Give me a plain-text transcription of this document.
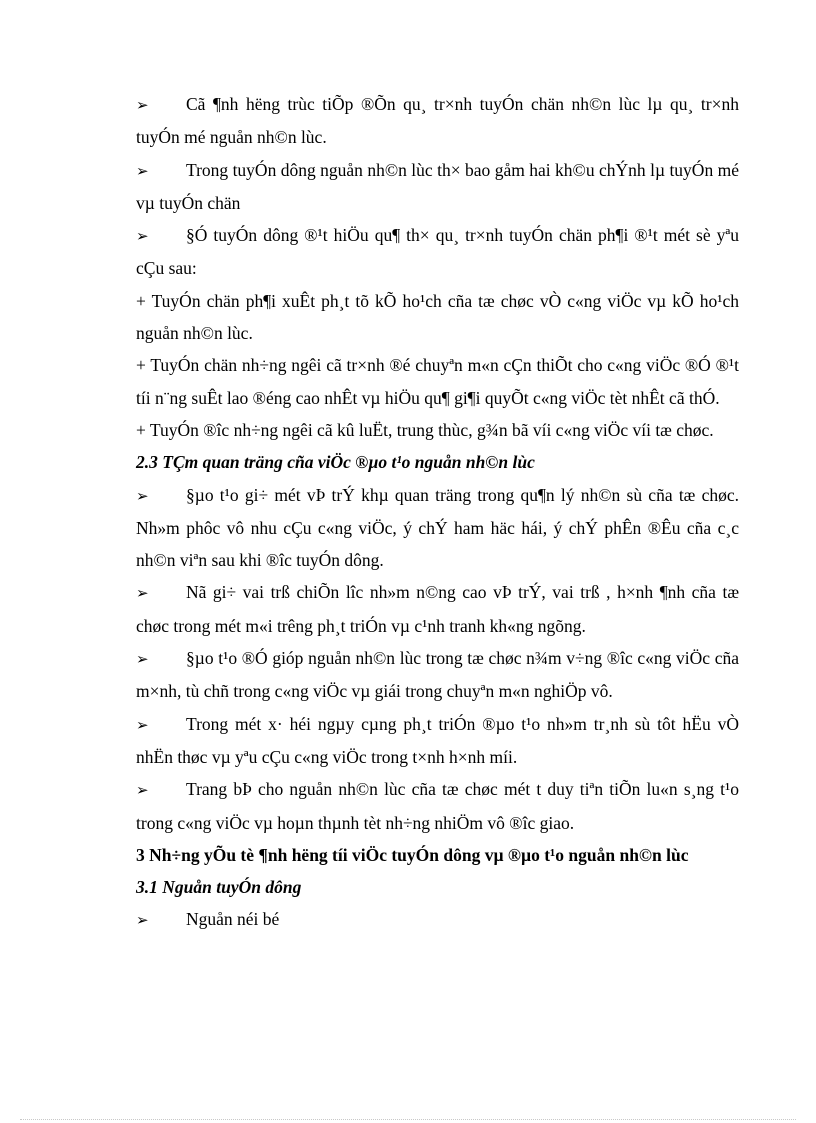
➢ Cã ¶nh hëng trùc tiÕp ®Õn qu¸ tr×nh tuyÓn chän nh©n lùc lµ qu¸ tr×nh tuyÓn mé nguån nh©n lùc.

➢ Trong tuyÓn dông nguån nh©n lùc th× bao gåm hai kh©u chÝnh lµ tuyÓn mé vµ tuyÓn chän

➢ §Ó tuyÓn dông ®¹t hiÖu qu¶ th× qu¸ tr×nh tuyÓn chän ph¶i ®¹t mét sè yªu cÇu sau:

+ TuyÓn chän ph¶i xuÊt ph¸t tõ kÕ ho¹ch cña tæ chøc vÒ c«ng viÖc vµ kÕ ho¹ch nguån nh©n lùc.

+ TuyÓn chän nh÷ng ngêi cã tr×nh ®é chuyªn m«n cÇn thiÕt cho c«ng viÖc ®Ó ®¹t tíi n¨ng suÊt lao ®éng cao nhÊt vµ hiÖu qu¶ gi¶i quyÕt c«ng viÖc tèt nhÊt cã thÓ.

+ TuyÓn ®îc nh÷ng ngêi cã kû luËt, trung thùc, g¾n bã víi c«ng viÖc víi tæ chøc.

2.3 TÇm quan träng cña viÖc ®µo t¹o nguån nh©n lùc

➢ §µo t¹o gi÷ mét vÞ trÝ khµ quan träng trong qu¶n lý nh©n sù cña tæ chøc. Nh»m phôc vô nhu cÇu c«ng viÖc, ý chÝ ham häc hái, ý chÝ phÊn ®Êu cña c¸c nh©n viªn sau khi ®îc tuyÓn dông.

➢ Nã gi÷ vai trß chiÕn lîc nh»m n©ng cao vÞ trÝ, vai trß , h×nh ¶nh cña tæ chøc trong mét m«i trêng ph¸t triÓn vµ c¹nh tranh kh«ng ngõng.

➢ §µo t¹o ®Ó gióp nguån nh©n lùc trong tæ chøc n¾m v÷ng ®îc c«ng viÖc cña m×nh, tù chñ trong c«ng viÖc vµ giái trong chuyªn m«n nghiÖp vô.

➢ Trong mét x· héi ngµy cµng ph¸t triÓn ®µo t¹o nh»m tr¸nh sù tôt hËu vÒ nhËn thøc vµ yªu cÇu c«ng viÖc trong t×nh h×nh míi.

➢ Trang bÞ cho nguån nh©n lùc cña tæ chøc mét t duy tiªn tiÕn lu«n s¸ng t¹o trong c«ng viÖc vµ hoµn thµnh tèt nh÷ng nhiÖm vô ®îc giao.

3 Nh÷ng yÕu tè ¶nh hëng tíi viÖc tuyÓn dông vµ ®µo t¹o nguån nh©n lùc

3.1 Nguån tuyÓn dông

➢ Nguån néi bé
